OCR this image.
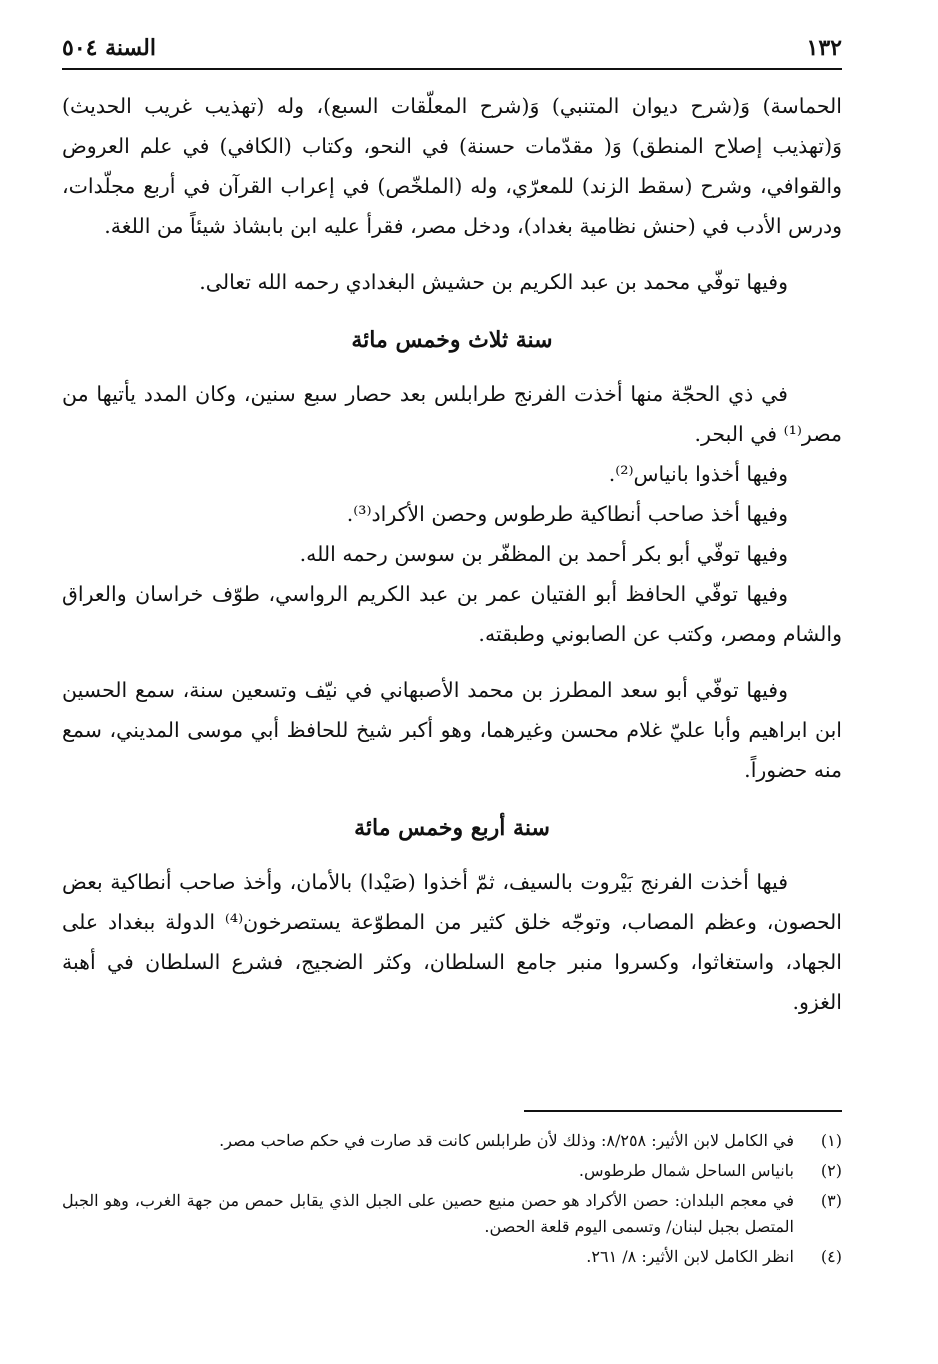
السنة ٥٠٤	١٣٢

الحماسة) وَ(شرح ديوان المتنبي) وَ(شرح المعلّقات السبع)، وله (تهذيب غريب الحديث) وَ(تهذيب إصلاح المنطق) وَ( مقدّمات حسنة) في النحو، وكتاب (الكافي) في علم العروض والقوافي، وشرح (سقط الزند) للمعرّي، وله (الملخّص) في إعراب القرآن في أربع مجلّدات، ودرس الأدب في (حنش نظامية بغداد)، ودخل مصر، فقرأ عليه ابن بابشاذ شيئاً من اللغة.

وفيها توفّي محمد بن عبد الكريم بن حشيش البغدادي رحمه الله تعالى.

سنة ثلاث وخمس مائة

في ذي الحجّة منها أخذت الفرنج طرابلس بعد حصار سبع سنين، وكان المدد يأتيها من مصر⁽¹⁾ في البحر.

وفيها أخذوا بانياس⁽²⁾.

وفيها أخذ صاحب أنطاكية طرطوس وحصن الأكراد⁽³⁾.

وفيها توفّي أبو بكر أحمد بن المظفّر بن سوسن رحمه الله.

وفيها توفّي الحافظ أبو الفتيان عمر بن عبد الكريم الرواسي، طوّف خراسان والعراق والشام ومصر، وكتب عن الصابوني وطبقته.

وفيها توفّي أبو سعد المطرز بن محمد الأصبهاني في نيّف وتسعين سنة، سمع الحسين ابن ابراهيم وأبا عليّ غلام محسن وغيرهما، وهو أكبر شيخ للحافظ أبي موسى المديني، سمع منه حضوراً.

سنة أربع وخمس مائة

فيها أخذت الفرنج بَيْروت بالسيف، ثمّ أخذوا (صَيْدا) بالأمان، وأخذ صاحب أنطاكية بعض الحصون، وعظم المصاب، وتوجّه خلق كثير من المطوّعة يستصرخون⁽⁴⁾ الدولة ببغداد على الجهاد، واستغاثوا، وكسروا منبر جامع السلطان، وكثر الضجيج، فشرع السلطان في أهبة الغزو.

(١)
في الكامل لابن الأثير: ٨/٢٥٨: وذلك لأن طرابلس كانت قد صارت في حكم صاحب مصر.
(٢)
بانياس الساحل شمال طرطوس.
(٣)
في معجم البلدان: حصن الأكراد هو حصن منيع حصين على الجبل الذي يقابل حمص من جهة الغرب، وهو الجبل المتصل بجبل لبنان/ وتسمى اليوم قلعة الحصن.
(٤)
انظر الكامل لابن الأثير: ٨/ ٢٦١.
